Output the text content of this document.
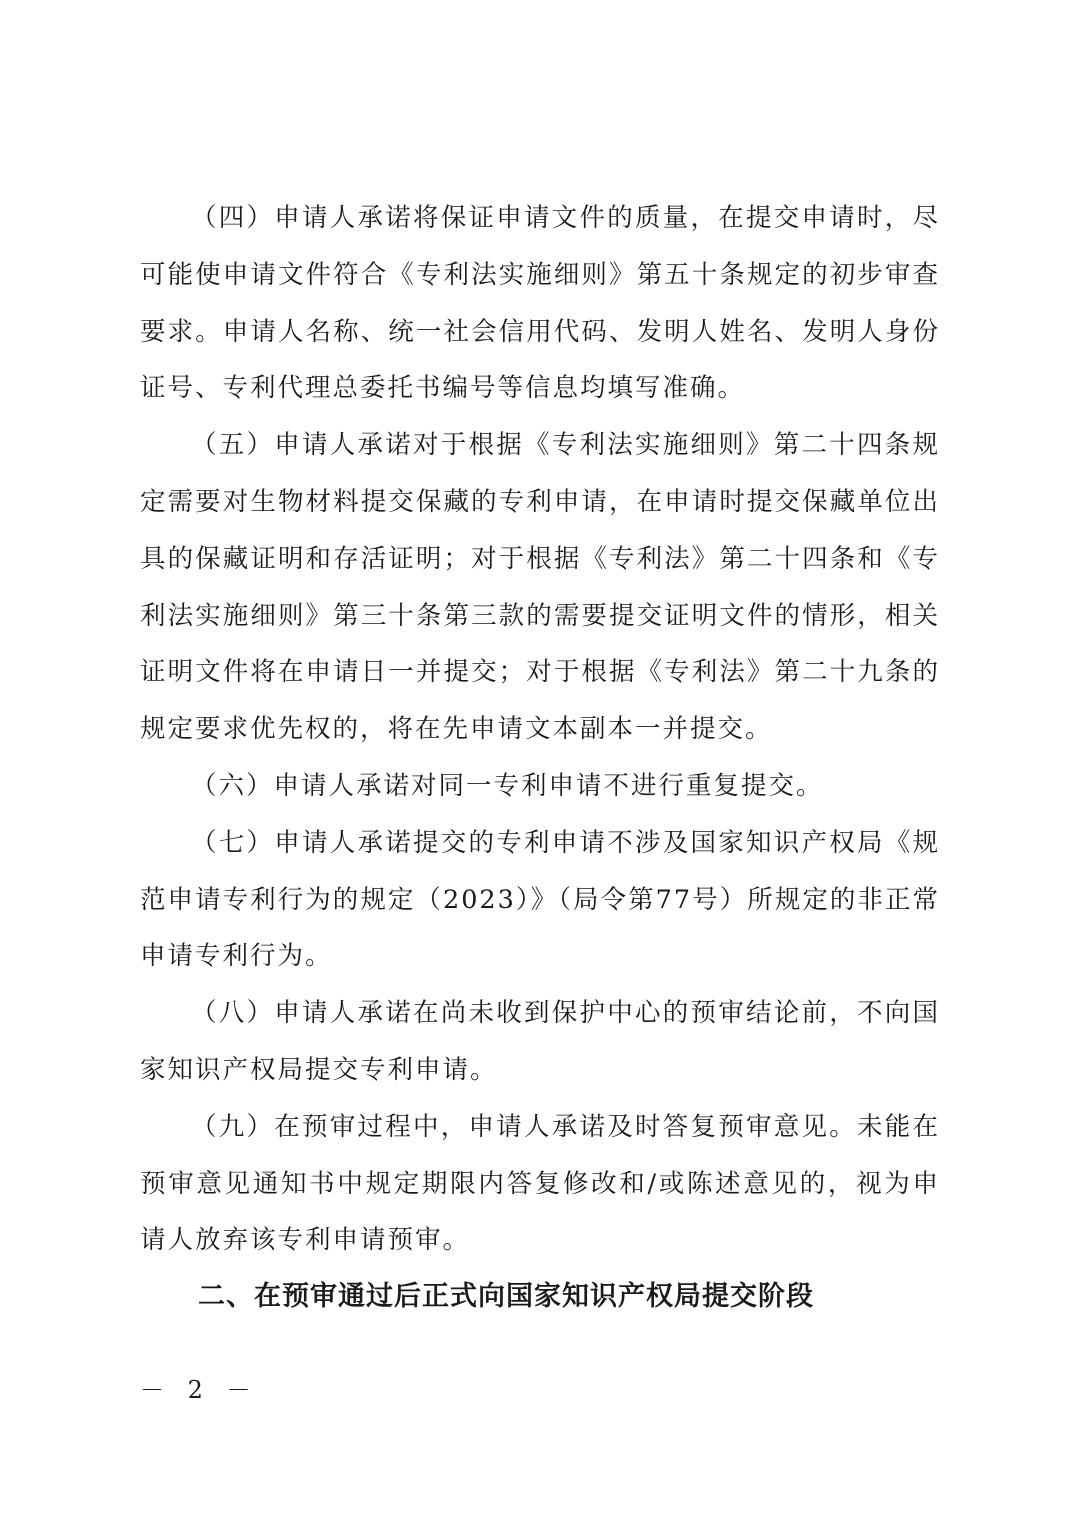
（四）申请人承诺将保证申请文件的质量，在提交申请时，尽可能使申请文件符合《专利法实施细则》第五十条规定的初步审查要求。申请人名称、统一社会信用代码、发明人姓名、发明人身份证号、专利代理总委托书编号等信息均填写准确。

（五）申请人承诺对于根据《专利法实施细则》第二十四条规定需要对生物材料提交保藏的专利申请，在申请时提交保藏单位出具的保藏证明和存活证明；对于根据《专利法》第二十四条和《专利法实施细则》第三十条第三款的需要提交证明文件的情形，相关证明文件将在申请日一并提交；对于根据《专利法》第二十九条的规定要求优先权的，将在先申请文本副本一并提交。

（六）申请人承诺对同一专利申请不进行重复提交。

（七）申请人承诺提交的专利申请不涉及国家知识产权局《规范申请专利行为的规定（2023）》（局令第77号）所规定的非正常申请专利行为。

（八）申请人承诺在尚未收到保护中心的预审结论前，不向国家知识产权局提交专利申请。

（九）在预审过程中，申请人承诺及时答复预审意见。未能在预审意见通知书中规定期限内答复修改和/或陈述意见的，视为申请人放弃该专利申请预审。

二、在预审通过后正式向国家知识产权局提交阶段

－ 2 －
